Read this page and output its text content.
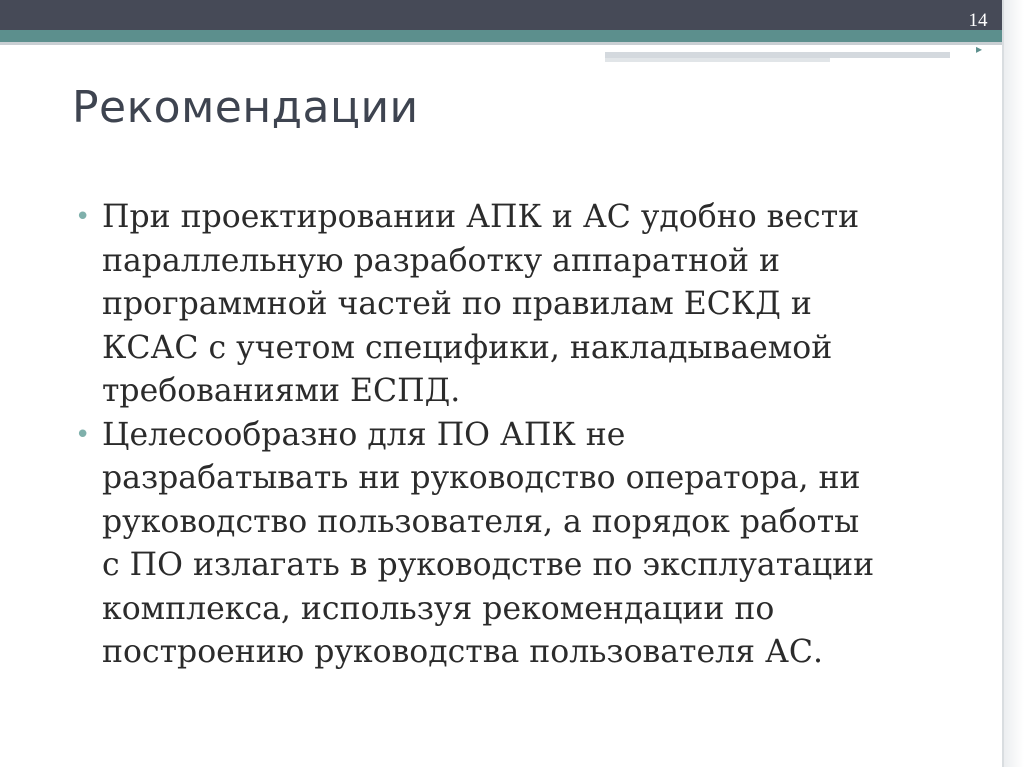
14
▸
Рекомендации
• При проектировании АПК и АС удобно вести
параллельную разработку аппаратной и
программной частей по правилам ЕСКД и
КСАС с учетом специфики, накладываемой
требованиями ЕСПД.
• Целесообразно для ПО АПК не
разрабатывать ни руководство оператора, ни
руководство пользователя, а порядок работы
с ПО излагать в руководстве по эксплуатации
комплекса, используя рекомендации по
построению руководства пользователя АС.
